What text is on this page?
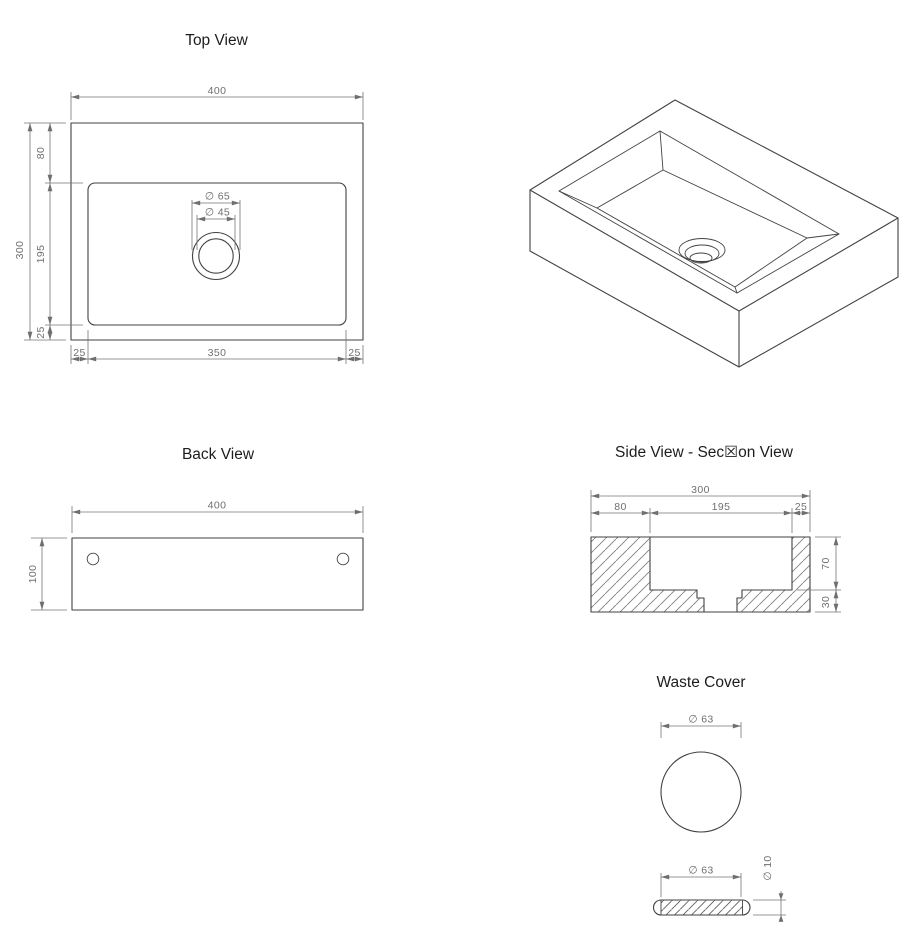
Top View
400
300
80
195
25
25	350	25
∅ 65
∅ 45
Back View
400
100
Side View - Sec☒on View
300
80	195	25
70
30
Waste Cover
∅ 63
∅ 63	∅ 10
